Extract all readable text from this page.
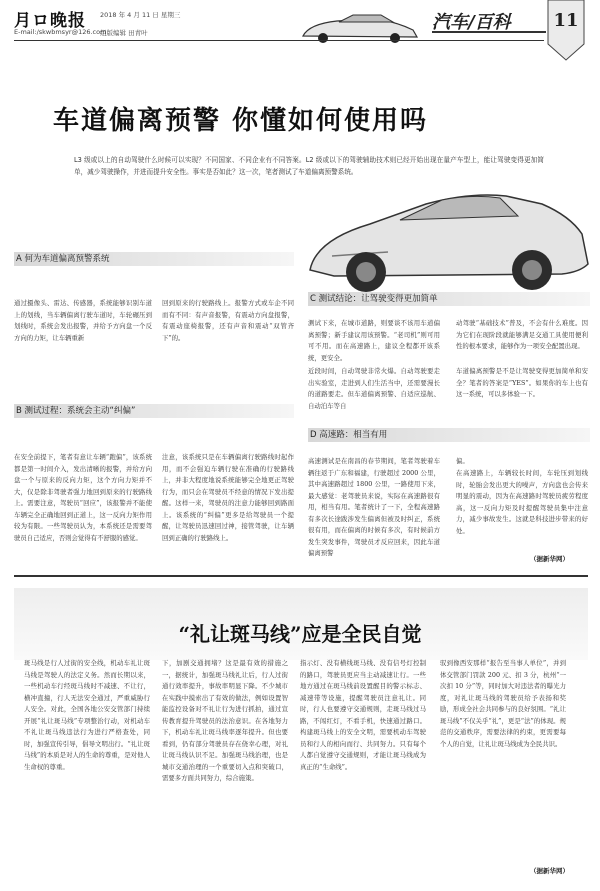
月ロ晚报
E-mail:/skwbmsyr@126.com
2018 年 4 月 11 日 星期三
组版编辑 田青叶	汽车/百科 11
车道偏离预警 你懂如何使用吗
L3 级或以上的自动驾驶什么时候可以实现？不同国家、不同企业有不同答案。L2 级或以下的驾驶辅助技术则已经开始出现在量产车型上，能让驾驶变得更加简单，减少驾驶操作，并进而提升安全性。事实是否如此？这一次，笔者测试了车道偏离预警系统。
A 何为车道偏离预警系统
通过摄像头、雷达、传感器，系统能够识别车道上的划线，当车辆偏离行驶车道时，车轮碾压到划线时，系统会发出报警，并给予方向盘一个反方向的力矩，让车辆重新
回到原来的行驶路线上。报警方式或车企不同而有不同：有声音报警，有震动方向盘报警，有震动座椅报警，还有声音和震动“双管齐下”的。
B 测试过程：系统会主动“纠偏”
在安全前提下，笔者有意让车辆“跑偏”，该系统都是第一时间介入，发出清晰的报警，并给方向盘一个与原来的反向力矩，这个方向力矩并不大，仅是除非驾驶者强力地回到原来的行驶路线上。需要注意，驾驶员“回应”，该报警并不能使车辆完全正确地回到正道上，这一反向力矩作用较为有限。一些驾驶员认为，本系统还是需要驾驶员自己适应，否则会觉得有不舒服的感觉。
注意，该系统只是在车辆偏离行驶路线时起作用，而不会强迫车辆行驶在准确的行驶路线上，并非大程度地说系统能够完全地更正驾驶行为，而只会在驾驶员不经意的情况下发出提醒。这样一来，驾驶员的注意力能够回到路面上。该系统的“纠偏”更多是给驾驶员一个提醒，让驾驶员迅速回过神，接管驾驶，让车辆回到正确的行驶路线上。
C 测试结论：让驾驶变得更加简单
测试下来，在城市道路，则要谈不该用车道偏离预警；新手建议用该预警。“老司机”则可用可不用。而在高速路上，建议全程都开该系统，更安全。
近段时间，自动驾驶非常火爆。自动驾驶要走出实验室，走进到人们生活当中，还需要漫长的道路要走。但车道偏离预警、自适应巡航、自动泊车等自
动驾驶“基础技术”普及，不会有什么难度。因为它们在现阶段就能够满足交通工具使用便利性的根本要求，能够作为一项安全配置出现。
车道偏离预警是不是让驾驶变得更加简单和安全？笔者的答案是“YES”。如果你的车上也有这一系统，可以多体验一下。
D 高速路：相当有用
高速测试是在南昌的春节期间，笔者驾驶着车辆往返于广东和福建，行驶超过 2000 公里，其中高速路超过 1800 公里，一路使用下来，最大感觉：老驾驶员来说，实际在高速路很有用，相当有用。笔者统计了一下，全程高速路有多次长途跋涉发生偏离但被及时纠正，系统很有用，而在偏离的时候有多次，有时候前方发生突发事件，驾驶员才反应回来，因此车道偏离预警
偏。
在高速路上，车辆较长时间，车轮压到划线时，轮胎会发出更大的噪声，方向盘也会传来明显的震动，因为在高速路时驾驶员疲劳程度高，这一反向力矩及时提醒驾驶员集中注意力，减少事故发生。这就是科技进步带来的好处。
（据新华网）
“礼让斑马线”应是全民自觉
斑马线是行人过街的安全线，机动车礼让斑马线是驾驶人的法定义务。然而长期以来，一些机动车行经斑马线时不减速、不让行，横冲直撞，行人无法安全通过，严重威胁行人安全。对此，全国各地公安交管部门持续开展“礼让斑马线”专项整治行动，对机动车不礼让斑马线违法行为进行严格查处，同时，加强宣传引导，倡导文明出行。“礼让斑马线”的本质是对人的生命的尊重，是对他人生命权的尊重。
下，加剧交通拥堵？这是最有效的措施之一，据统计，加强斑马线礼让后，行人过街通行效率提升，事故率明显下降。不少城市在实践中摸索出了有效的做法，例如设置智能监控设备对不礼让行为进行抓拍，通过宣传教育提升驾驶员的法治意识。在各地努力下，机动车礼让斑马线率逐年提升。但也要看到，仍有部分驾驶员存在侥幸心理，对礼让斑马线认识不足。加强斑马线治理，也是城市交通治理的一个重要切入点和突破口，需要多方面共同努力，综合施策。
指示灯、没有横线斑马线、没有信号灯控制的路口，驾驶员更应当主动减速让行。一些地方通过在斑马线前设置醒目的警示标志、减速带等设施，提醒驾驶员注意礼让。同时，行人也要遵守交通规则，走斑马线过马路，不闯红灯，不看手机，快速通过路口。构建斑马线上的安全文明，需要机动车驾驶员和行人的相向而行、共同努力。只有每个人都自觉遵守交通规则，才能让斑马线成为真正的“生命线”。
驭到像西安那样“报告至当事人单位”，并到体交管部门罚款 200 元、扣 3 分，杭州“一次扣 10 分”等，同时加大对违法者的曝光力度，对礼让斑马线的驾驶员给予表扬和奖励，形成全社会共同参与的良好氛围。“礼让斑马线”不仅关乎“礼”，更是“法”的体现。规范的交通秩序，需要法律的约束，更需要每个人的自觉，让礼让斑马线成为全民共识。
（据新华网）
